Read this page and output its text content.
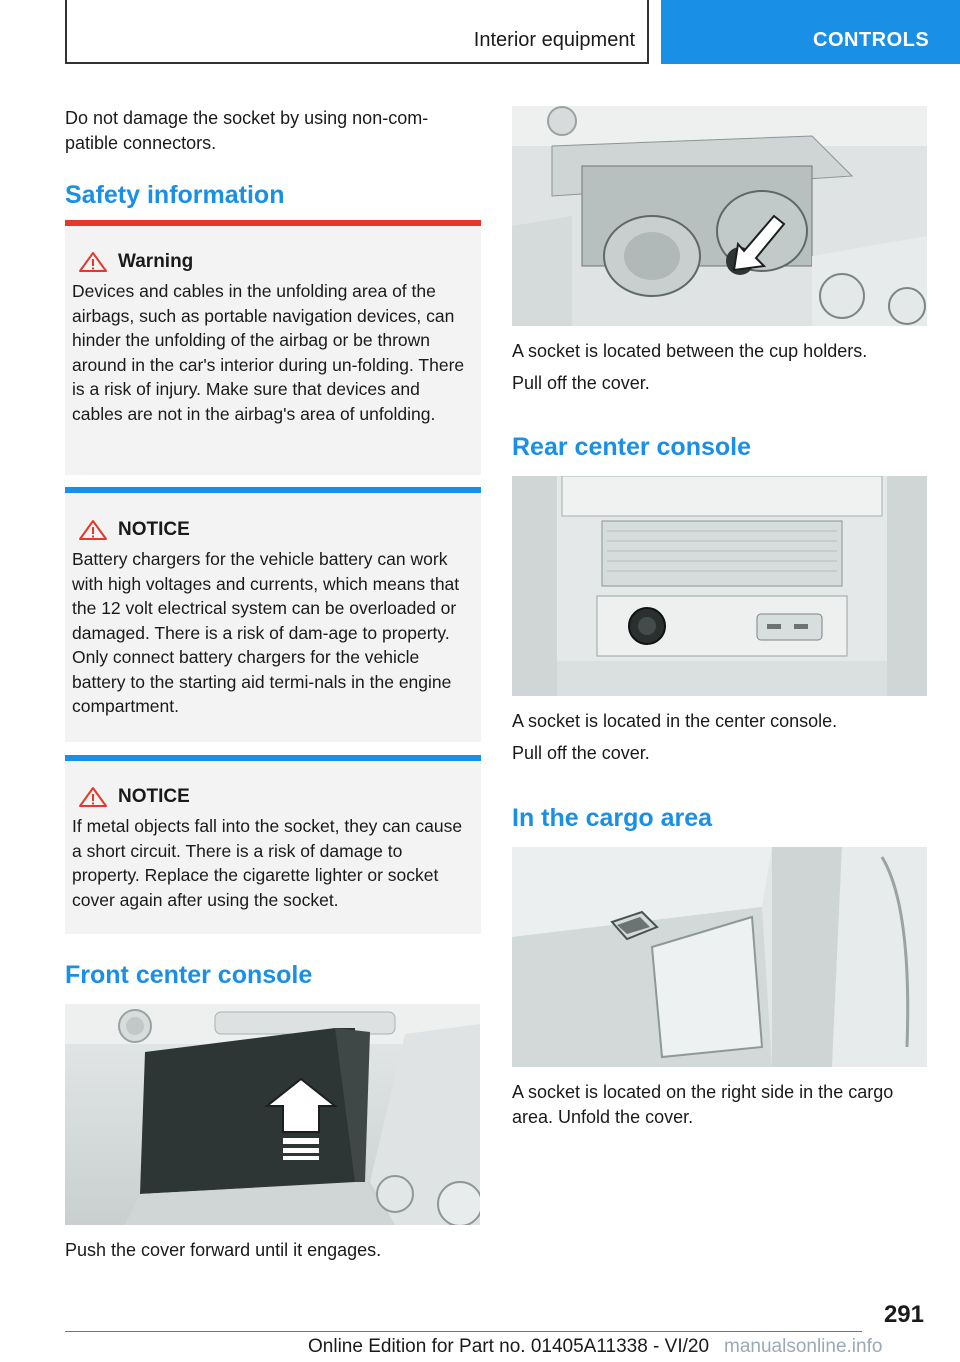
Interior equipment	CONTROLS

Do not damage the socket by using non-com-
patible connectors.

Safety information
Warning

Devices and cables in the unfolding area of the airbags, such as portable navigation devices, can hinder the unfolding of the airbag or be thrown around in the car's interior during un-folding. There is a risk of injury. Make sure that devices and cables are not in the airbag's area of unfolding.

NOTICE

Battery chargers for the vehicle battery can work with high voltages and currents, which means that the 12 volt electrical system can be overloaded or damaged. There is a risk of dam-age to property. Only connect battery chargers for the vehicle battery to the starting aid termi-nals in the engine compartment.

NOTICE

If metal objects fall into the socket, they can cause a short circuit. There is a risk of damage to property. Replace the cigarette lighter or socket cover again after using the socket.

Front center console

Push the cover forward until it engages.

A socket is located between the cup holders.

Pull off the cover.

Rear center console

A socket is located in the center console.

Pull off the cover.

In the cargo area

A socket is located on the right side in the cargo area. Unfold the cover.

291
Online Edition for Part no. 01405A11338 - VI/20 manualsonline.info
